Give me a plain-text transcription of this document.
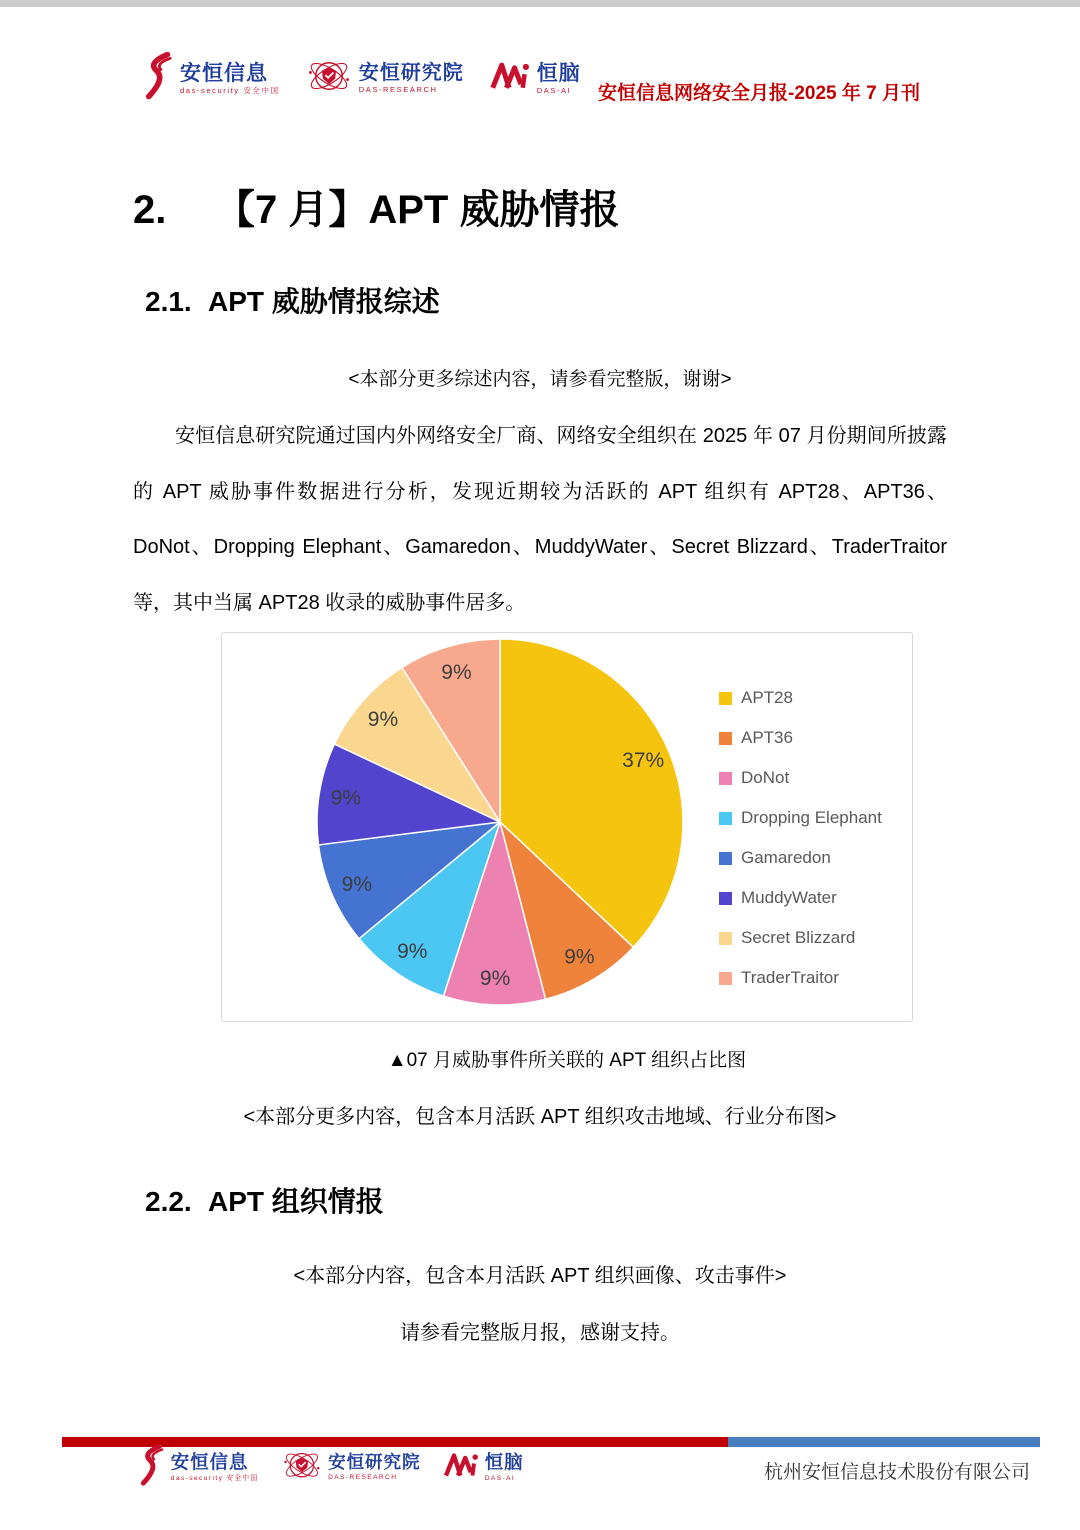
安恒信息
das-security 安全中国
安恒研究院
DAS-RESEARCH
恒脑
DAS-AI	安恒信息网络安全月报-2025 年 7 月刊
2. 【7 月】APT 威胁情报
2.1. APT 威胁情报综述

<本部分更多综述内容，请参看完整版，谢谢>

安恒信息研究院通过国内外网络安全厂商、网络安全组织在 2025 年 07 月份期间所披露的 APT 威胁事件数据进行分析，发现近期较为活跃的 APT 组织有 APT28、APT36、DoNot、Dropping Elephant、Gamaredon、MuddyWater、Secret Blizzard、TraderTraitor 等，其中当属 APT28 收录的威胁事件居多。

37%
9%
9%
9%
9%
9%
9%
9%
APT28
APT36
DoNot
Dropping Elephant
Gamaredon
MuddyWater
Secret Blizzard
TraderTraitor

▲07 月威胁事件所关联的 APT 组织占比图

<本部分更多内容，包含本月活跃 APT 组织攻击地域、行业分布图>

2.2. APT 组织情报

<本部分内容，包含本月活跃 APT 组织画像、攻击事件>

请参看完整版月报，感谢支持。

安恒信息
das-security 安全中国
安恒研究院
DAS-RESEARCH
恒脑
DAS-AI	杭州安恒信息技术股份有限公司
